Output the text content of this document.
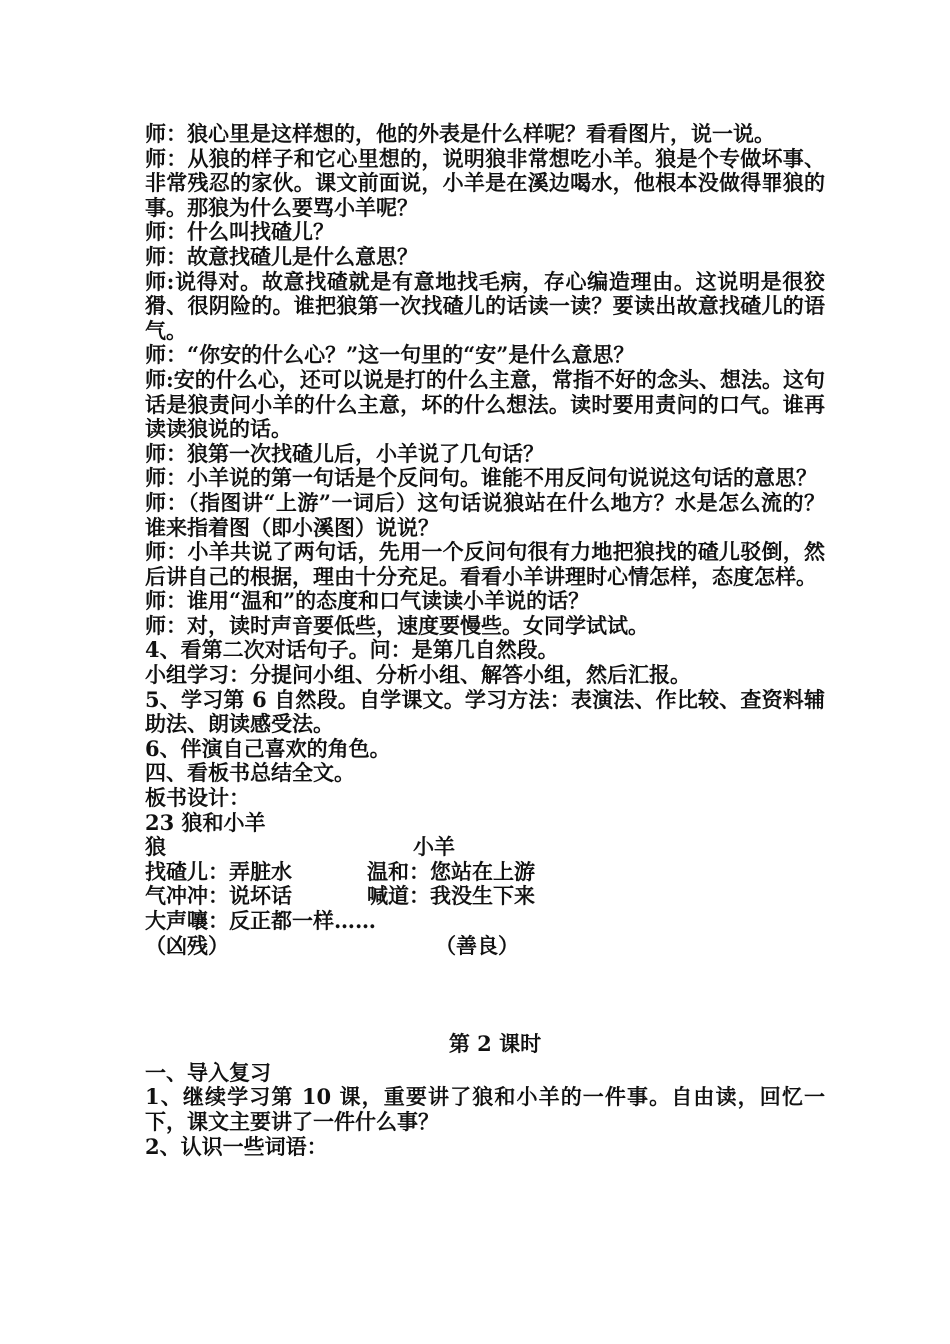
师：狼心里是这样想的，他的外表是什么样呢？看看图片，说一说。

师：从狼的样子和它心里想的，说明狼非常想吃小羊。狼是个专做坏事、非常残忍的家伙。课文前面说，小羊是在溪边喝水，他根本没做得罪狼的事。那狼为什么要骂小羊呢？

师：什么叫找碴儿？

师：故意找碴儿是什么意思？

师:说得对。故意找碴就是有意地找毛病，存心编造理由。这说明是很狡猾、很阴险的。谁把狼第一次找碴儿的话读一读？要读出故意找碴儿的语气。

师：“你安的什么心？”这一句里的“安”是什么意思？

师:安的什么心，还可以说是打的什么主意，常指不好的念头、想法。这句话是狼责问小羊的什么主意，坏的什么想法。读时要用责问的口气。谁再读读狼说的话。

师：狼第一次找碴儿后，小羊说了几句话？

师：小羊说的第一句话是个反问句。谁能不用反问句说说这句话的意思？

师：（指图讲“上游”一词后）这句话说狼站在什么地方？水是怎么流的？谁来指着图（即小溪图）说说？

师：小羊共说了两句话，先用一个反问句很有力地把狼找的碴儿驳倒，然后讲自己的根据，理由十分充足。看看小羊讲理时心情怎样，态度怎样。

师：谁用“温和”的态度和口气读读小羊说的话？

师：对，读时声音要低些，速度要慢些。女同学试试。

4、看第二次对话句子。问：是第几自然段。

小组学习：分提问小组、分析小组、解答小组，然后汇报。

5、学习第 6 自然段。自学课文。学习方法：表演法、作比较、查资料辅助法、朗读感受法。

6、伴演自己喜欢的角色。

四、看板书总结全文。

板书设计：

23 狼和小羊

狼	小羊
找碴儿：弄脏水	温和：您站在上游
气冲冲：说坏话	喊道：我没生下来
大声嚷：反正都一样……
（凶残）	（善良）

第 2 课时

一、导入复习

1、继续学习第 10 课，重要讲了狼和小羊的一件事。自由读，回忆一下，课文主要讲了一件什么事？

2、认识一些词语：
